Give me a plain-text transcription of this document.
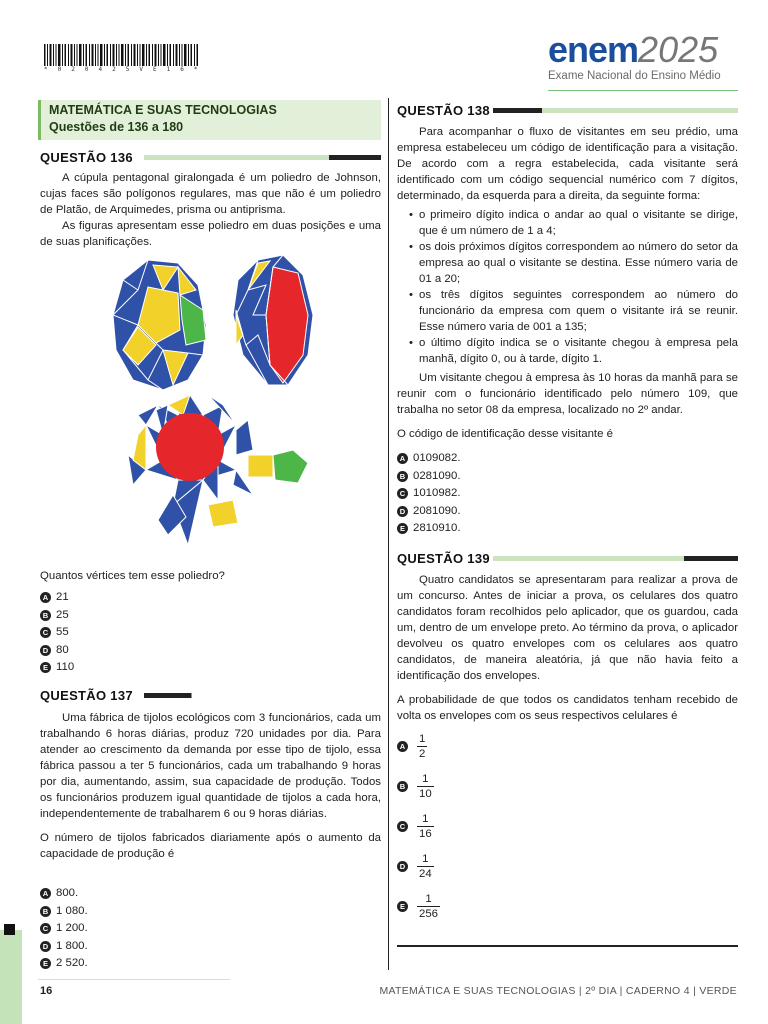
* 0 2 0 4 2 5 V E 1 6 *	enem2025
Exame Nacional do Ensino Médio
MATEMÁTICA E SUAS TECNOLOGIAS
Questões de 136 a 180
QUESTÃO 136

A cúpula pentagonal giralongada é um poliedro de Johnson, cujas faces são polígonos regulares, mas que não é um poliedro de Platão, de Arquimedes, prisma ou antiprisma.

As figuras apresentam esse poliedro em duas posições e uma de suas planificações.

Quantos vértices tem esse poliedro?
A 21
B 25
C 55
D 80
E 110
QUESTÃO 137

Uma fábrica de tijolos ecológicos com 3 funcionários, cada um trabalhando 6 horas diárias, produz 720 unidades por dia. Para atender ao crescimento da demanda por esse tipo de tijolo, essa fábrica passou a ter 5 funcionários, cada um trabalhando 9 horas por dia, aumentando, assim, sua capacidade de produção. Todos os funcionários produzem igual quantidade de tijolos a cada hora, independentemente de trabalharem 6 ou 9 horas diárias.

O número de tijolos fabricados diariamente após o aumento da capacidade de produção é

A 800.
B 1 080.
C 1 200.
D 1 800.
E 2 520.
QUESTÃO 138

Para acompanhar o fluxo de visitantes em seu prédio, uma empresa estabeleceu um código de identificação para a visitação. De acordo com a regra estabelecida, cada visitante será identificado com um código sequencial numérico com 7 dígitos, determinado, da esquerda para a direita, da seguinte forma:

• o primeiro dígito indica o andar ao qual o visitante se dirige, que é um número de 1 a 4;
• os dois próximos dígitos correspondem ao número do setor da empresa ao qual o visitante se destina. Esse número varia de 01 a 20;
• os três dígitos seguintes correspondem ao número do funcionário da empresa com quem o visitante irá se reunir. Esse número varia de 001 a 135;
• o último dígito indica se o visitante chegou à empresa pela manhã, dígito 0, ou à tarde, dígito 1.

Um visitante chegou à empresa às 10 horas da manhã para se reunir com o funcionário identificado pelo número 109, que trabalha no setor 08 da empresa, localizado no 2º andar.

O código de identificação desse visitante é

A 0109082.
B 0281090.
C 1010982.
D 2081090.
E 2810910.
QUESTÃO 139

Quatro candidatos se apresentaram para realizar a prova de um concurso. Antes de iniciar a prova, os celulares dos quatro candidatos foram recolhidos pelo aplicador, que os guardou, cada um, dentro de um envelope preto. Ao término da prova, o aplicador devolveu os quatro envelopes com os celulares aos quatro candidatos, de maneira aleatória, já que não havia feito a identificação dos envelopes.

A probabilidade de que todos os candidatos tenham recebido de volta os envelopes com os seus respectivos celulares é

A $\frac{1}{2}$
B $\frac{1}{10}$
C $\frac{1}{16}$
D $\frac{1}{24}$
E $\frac{1}{256}$
16	MATEMÁTICA E SUAS TECNOLOGIAS | 2º DIA | CADERNO 4 | VERDE
